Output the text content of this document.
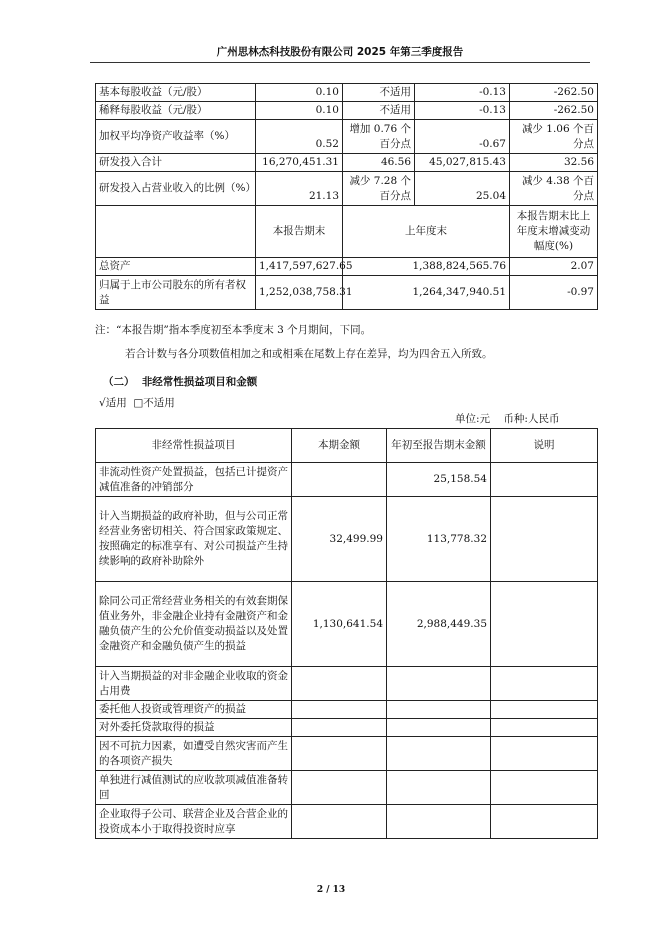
广州思林杰科技股份有限公司 2025 年第三季度报告
基本每股收益（元/股）	0.10	不适用	-0.13	-262.50
稀释每股收益（元/股）	0.10	不适用	-0.13	-262.50
加权平均净资产收益率（%）	0.52	增加 0.76 个百分点	-0.67	减少 1.06 个百分点
研发投入合计	16,270,451.31	46.56	45,027,815.43	32.56
研发投入占营业收入的比例（%）	21.13	减少 7.28 个百分点	25.04	减少 4.38 个百分点
	本报告期末	上年度末		本报告期末比上年度末增减变动幅度(%)
总资产	1,417,597,627.65	1,388,824,565.76		2.07
归属于上市公司股东的所有者权益	1,252,038,758.31	1,264,347,940.51		-0.97
注：“本报告期”指本季度初至本季度末 3 个月期间，下同。
若合计数与各分项数值相加之和或相乘在尾数上存在差异，均为四舍五入所致。
（二） 非经常性损益项目和金额
√适用 □不适用
单位:元 币种:人民币
非经常性损益项目	本期金额	年初至报告期末金额	说明
非流动性资产处置损益，包括已计提资产减值准备的冲销部分		25,158.54	
计入当期损益的政府补助，但与公司正常经营业务密切相关、符合国家政策规定、按照确定的标准享有、对公司损益产生持续影响的政府补助除外	32,499.99	113,778.32	
除同公司正常经营业务相关的有效套期保值业务外，非金融企业持有金融资产和金融负债产生的公允价值变动损益以及处置金融资产和金融负债产生的损益	1,130,641.54	2,988,449.35	
计入当期损益的对非金融企业收取的资金占用费			
委托他人投资或管理资产的损益			
对外委托贷款取得的损益			
因不可抗力因素，如遭受自然灾害而产生的各项资产损失			
单独进行减值测试的应收款项减值准备转回			
企业取得子公司、联营企业及合营企业的投资成本小于取得投资时应享			
2 / 13
